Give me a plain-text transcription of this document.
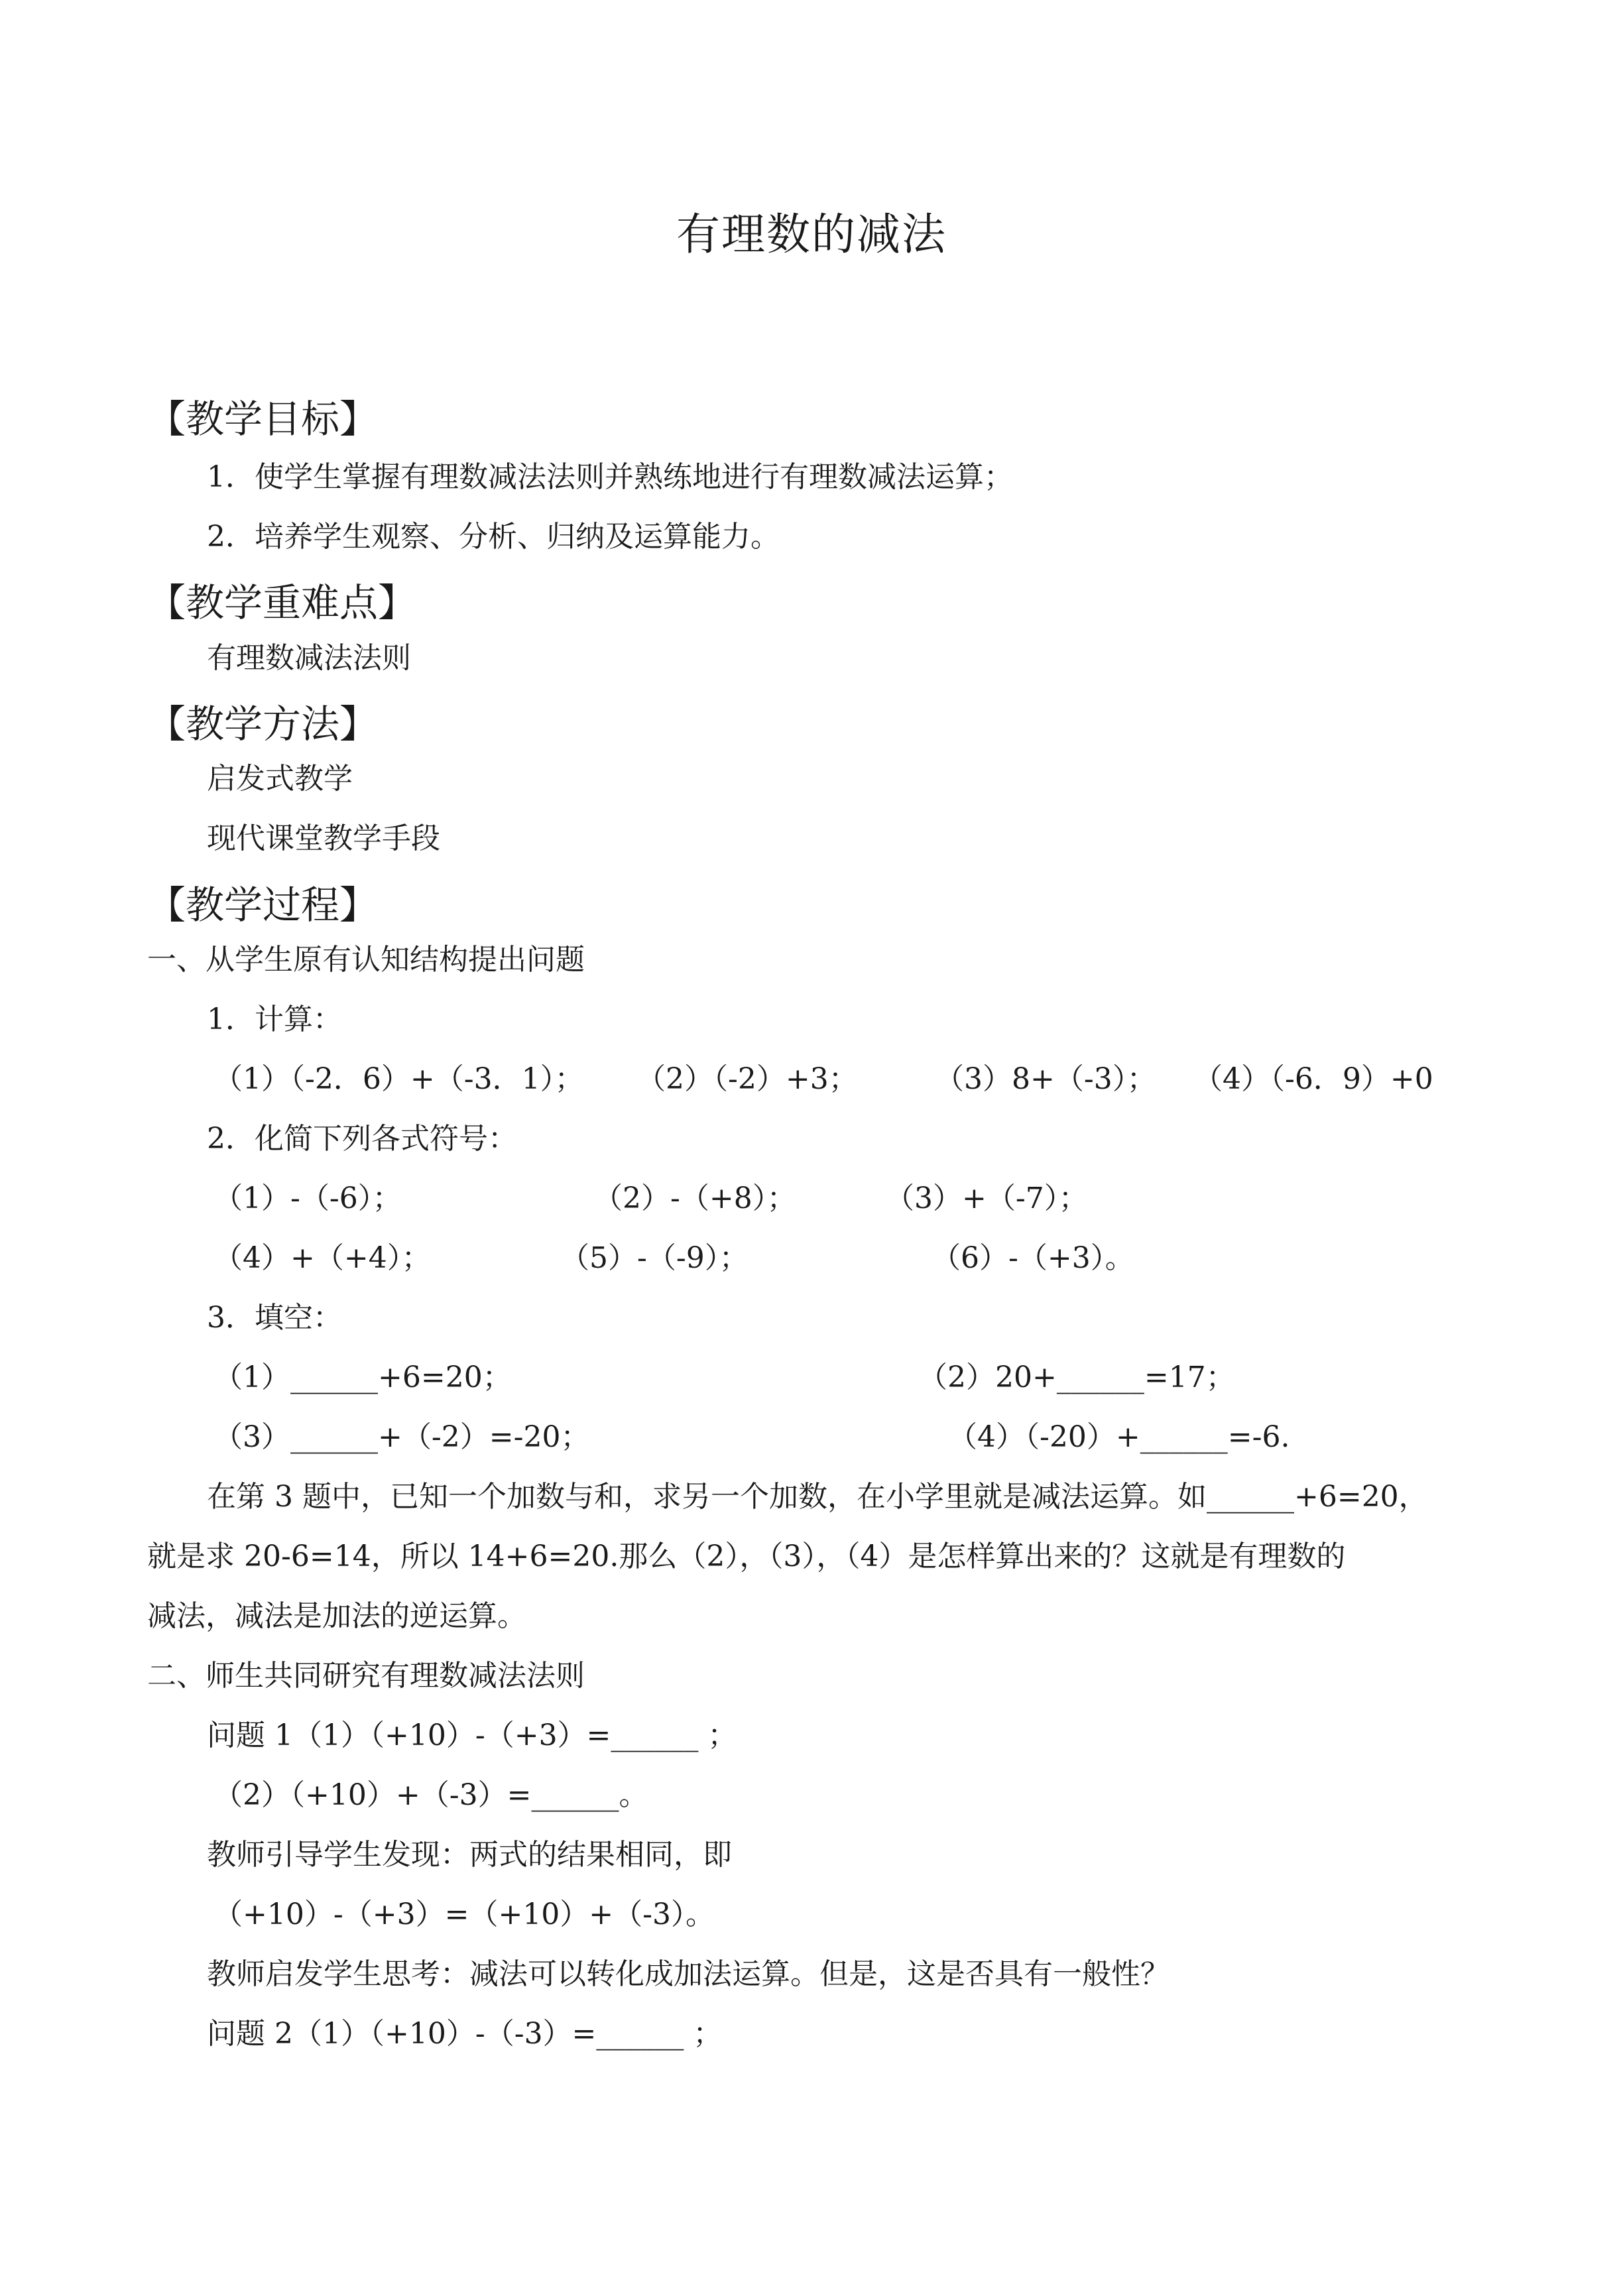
有理数的减法
【教学目标】
1．使学生掌握有理数减法法则并熟练地进行有理数减法运算；
2．培养学生观察、分析、归纳及运算能力。
【教学重难点】
有理数减法法则
【教学方法】
启发式教学
现代课堂教学手段
【教学过程】
一、从学生原有认知结构提出问题
1．计算：
（1）（-2．6）+（-3．1）； （2）（-2）+3；	（3）8+（-3）； （4）（-6．9）+0
2．化简下列各式符号：
（1）-（-6）；	（2）-（+8）；	（3）+（-7）；
（4）+（+4）；	（5）-（-9）；	（6）-（+3）。
3．填空：
（1）______+6=20；	（2）20+______=17；
（3）______+（-2）=-20；	（4）（-20）+______=-6.
在第 3 题中，已知一个加数与和，求另一个加数，在小学里就是减法运算。如______+6=20，
就是求 20-6=14，所以 14+6=20.那么（2），（3），（4）是怎样算出来的？这就是有理数的
减法，减法是加法的逆运算。
二、师生共同研究有理数减法法则
问题 1（1）（+10）-（+3）=______ ；
（2）（+10）+（-3）=______。
教师引导学生发现：两式的结果相同，即
（+10）-（+3）=（+10）+（-3）。
教师启发学生思考：减法可以转化成加法运算。但是，这是否具有一般性？
问题 2（1）（+10）-（-3）=______ ；
